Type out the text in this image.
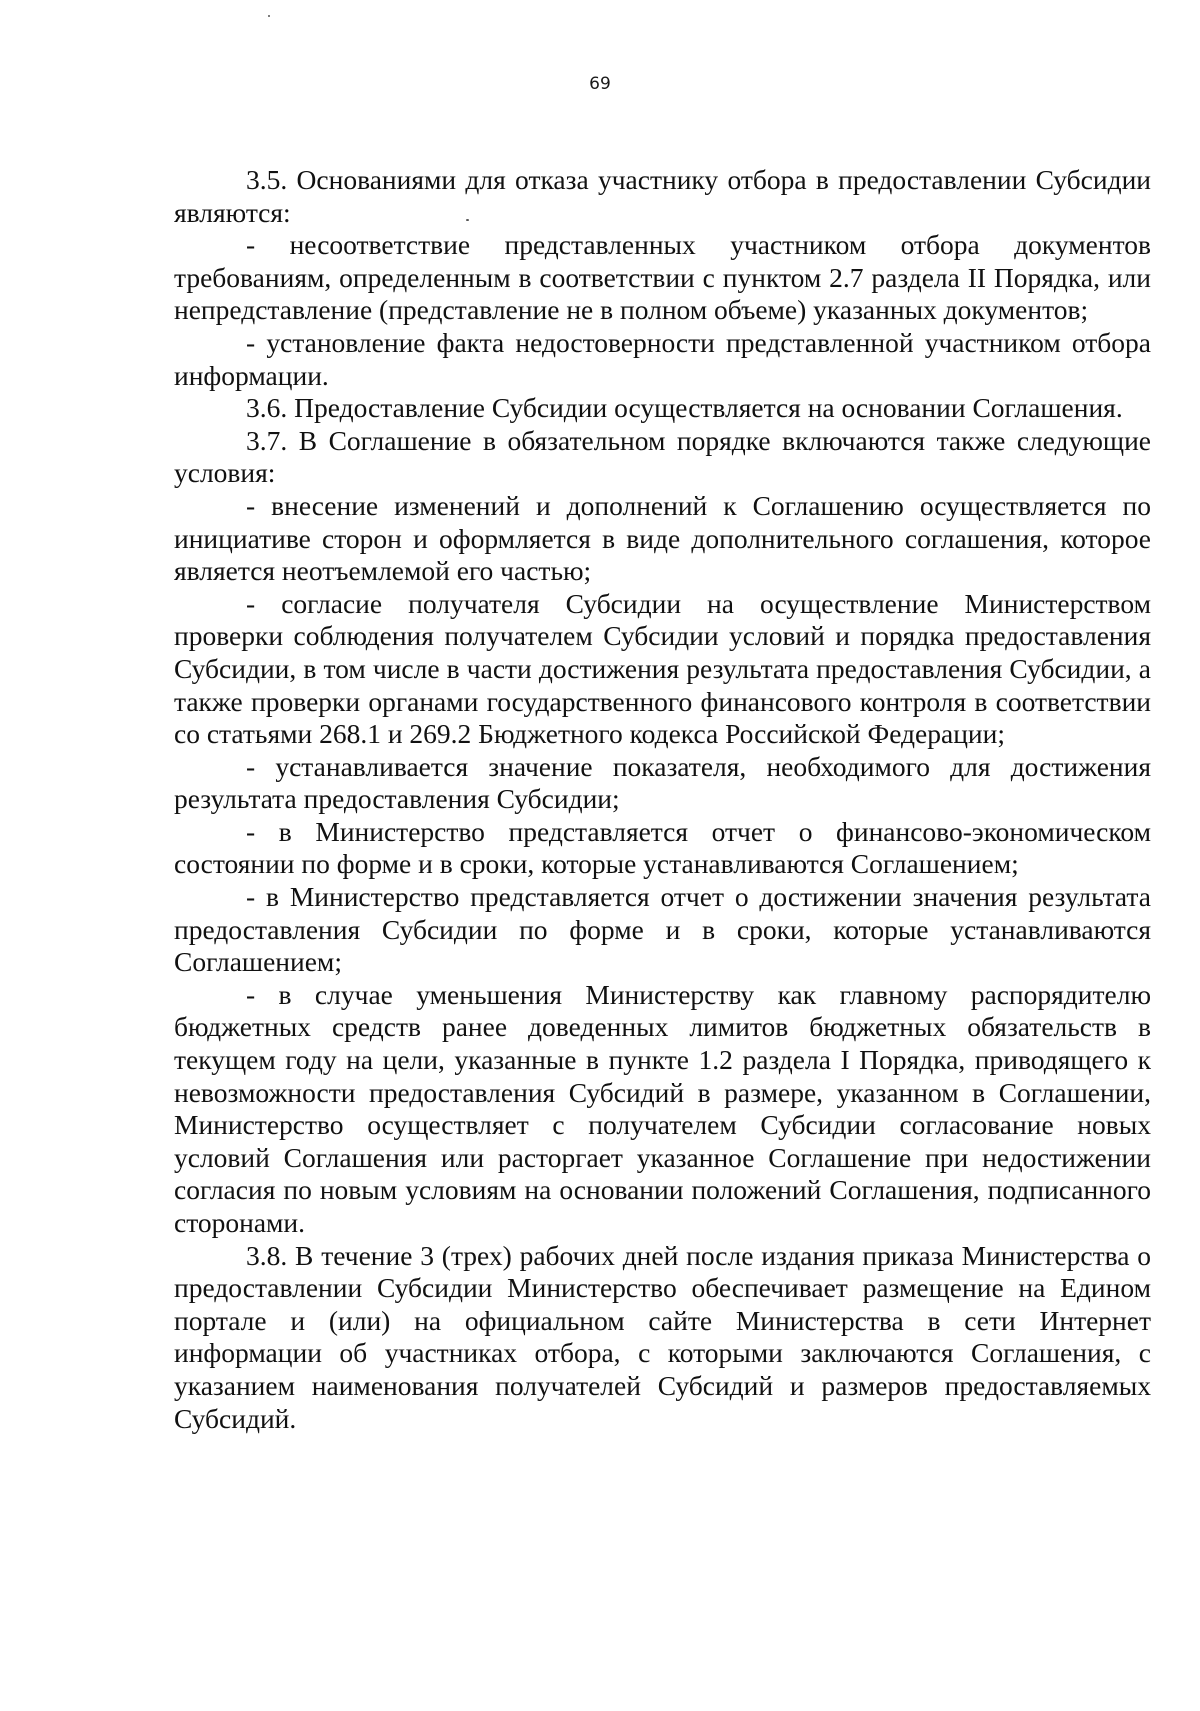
69

3.5. Основаниями для отказа участнику отбора в предоставлении Субсидии являются:

- несоответствие представленных участником отбора документов требованиям, определенным в соответствии с пунктом 2.7 раздела II Порядка, или непредставление (представление не в полном объеме) указанных документов;

- установление факта недостоверности представленной участником отбора информации.

3.6. Предоставление Субсидии осуществляется на основании Соглашения.

3.7. В Соглашение в обязательном порядке включаются также следующие условия:

- внесение изменений и дополнений к Соглашению осуществляется по инициативе сторон и оформляется в виде дополнительного соглашения, которое является неотъемлемой его частью;

- согласие получателя Субсидии на осуществление Министерством проверки соблюдения получателем Субсидии условий и порядка предоставления Субсидии, в том числе в части достижения результата предоставления Субсидии, а также проверки органами государственного финансового контроля в соответствии со статьями 268.1 и 269.2 Бюджетного кодекса Российской Федерации;

- устанавливается значение показателя, необходимого для достижения результата предоставления Субсидии;

- в Министерство представляется отчет о финансово-экономическом состоянии по форме и в сроки, которые устанавливаются Соглашением;

- в Министерство представляется отчет о достижении значения результата предоставления Субсидии по форме и в сроки, которые устанавливаются Соглашением;

- в случае уменьшения Министерству как главному распорядителю бюджетных средств ранее доведенных лимитов бюджетных обязательств в текущем году на цели, указанные в пункте 1.2 раздела I Порядка, приводящего к невозможности предоставления Субсидий в размере, указанном в Соглашении, Министерство осуществляет с получателем Субсидии согласование новых условий Соглашения или расторгает указанное Соглашение при недостижении согласия по новым условиям на основании положений Соглашения, подписанного сторонами.

3.8. В течение 3 (трех) рабочих дней после издания приказа Министерства о предоставлении Субсидии Министерство обеспечивает размещение на Едином портале и (или) на официальном сайте Министерства в сети Интернет информации об участниках отбора, с которыми заключаются Соглашения, с указанием наименования получателей Субсидий и размеров предоставляемых Субсидий.
